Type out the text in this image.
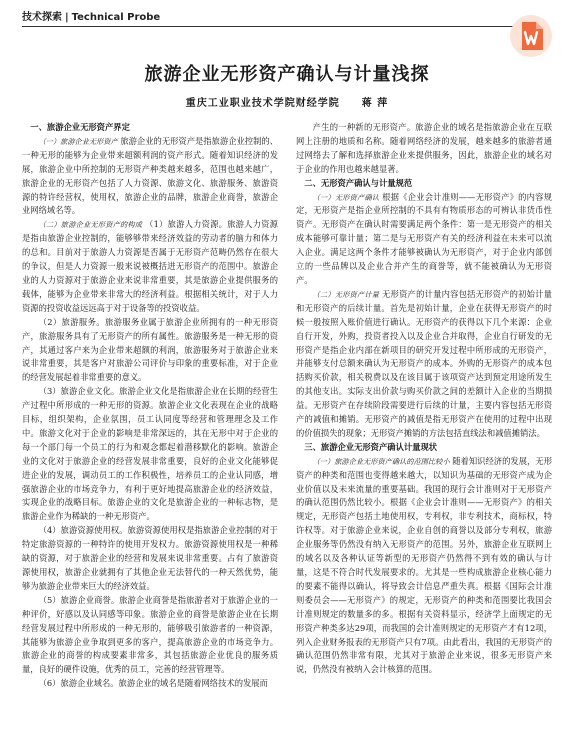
技术探索 | Technical Probe
旅游企业无形资产确认与计量浅探
重庆工业职业技术学院财经学院 蒋 萍

一、旅游企业无形资产界定

（一）旅游企业无形资产 旅游企业的无形资产是指旅游企业控制的、一种无形的能够为企业带来超额利润的资产形式。随着知识经济的发展，旅游企业中所控制的无形资产种类越来越多，范围也越来越广，旅游企业的无形资产包括了人力资源、旅游文化、旅游服务、旅游资源的特许经营权，使用权，旅游企业的品牌，旅游企业商誉，旅游企业网络域名等。

（二）旅游企业无形资产的构成 （1）旅游人力资源。旅游人力资源是指由旅游企业控制的，能够够带来经济效益的劳动者的脑力和体力的总和。目前对于旅游人力资源是否属于无形资产范畴仍然存在很大的争议，但是人力资源一般来说被概括进无形资产的范围中。旅游企业的人力资源对于旅游企业来说非常重要，其是旅游企业提供服务的载体，能够为企业带来非常大的经济利益。根据相关统计，对于人力资源的投资收益远远高于对于设备等的投资收益。

（2）旅游服务。旅游服务业属于旅游企业所拥有的一种无形资产，旅游服务具有了无形资产的所有属性。旅游服务是一种无形的资产，其通过客户来为企业带来超额的利润，旅游服务对于旅游企业来说非常重要，其是客户对旅游公司评价与印象的重要标准，对于企业的经营发展起着非常重要的意义。

（3）旅游企业文化。旅游企业文化是指旅游企业在长期的经营生产过程中所形成的一种无形的资源。旅游企业文化表现在企业的战略目标，组织架构，企业氛围，员工认同度等经营和管理理念及工作中。旅游文化对于企业的影响是非常深远的，其在无形中对于企业的每一个部门每一个员工的行为和观念都起着潜移默化的影响。旅游企业的文化对于旅游企业的经营发展非常重要，良好的企业文化能够促进企业的发展，调动员工的工作积极性，培养员工的企业认同感，增强旅游企业的市场竞争力，有利于更好地提高旅游企业的经济效益，实现企业的战略目标。旅游企业的文化是旅游企业的一种标志物，是旅游企业作为稀缺的一种无形资产。

（4）旅游资源使用权。旅游资源使用权是指旅游企业控制的对于特定旅游资源的一种特许的使用开发权力。旅游资源使用权是一种稀缺的资源，对于旅游企业的经营和发展来说非常重要。占有了旅游资源使用权，旅游企业就拥有了其他企业无法替代的一种天然优势，能够为旅游企业带来巨大的经济效益。

（5）旅游企业商誉。旅游企业商誉是指旅游者对于旅游企业的一种评价，好感以及认同感等印象。旅游企业的商誉是旅游企业在长期经营发展过程中所形成的一种无形的，能够吸引旅游者的一种资源，其能够为旅游企业争取到更多的客户，提高旅游企业的市场竞争力。旅游企业的商誉的构成要素非常多，其包括旅游企业优良的服务质量，良好的硬件设施，优秀的员工，完善的经营管理等。

（6）旅游企业域名。旅游企业的域名是随着网络技术的发展而

产生的一种新的无形资产。旅游企业的域名是指旅游企业在互联网上注册的地质和名称。随着网络经济的发展，越来越多的旅游者通过网络去了解和选择旅游企业来提供服务，因此，旅游企业的域名对于企业的作用也越来越显著。

二、无形资产确认与计量规范

（一）无形资产确认 根据《企业会计准则——无形资产》的内容规定，无形资产是指企业所控制的不具有有物质形态的可辨认非货币性资产。无形资产在确认时需要满足两个条件：第一是无形资产的相关成本能够可靠计量；第二是与无形资产有关的经济利益在未来可以流入企业。满足这两个条件才能够被确认为无形资产，对于企业内部创立的一些品牌以及企业合并产生的商誉等，就不能被确认为无形资产。

（二）无形资产计量 无形资产的计量内容包括无形资产的初始计量和无形资产的后续计量。首先是初始计量，企业在获得无形资产的时候一般按照入账价值进行确认。无形资产的获得以下几个来源：企业自行开发，外购，投资者投入以及企业合并取得，企业自行研发的无形资产是指企业内部在新项目的研究开发过程中所形成的无形资产，并能够支付总额来确认为无形资产的成本。外购的无形资产的成本包括购买价款，相关税费以及在该目属于该项资产达到预定用途所发生的其他支出。实际支出价款与购买价款之间的差额计入企业的当期损益。无形资产在存续阶段需要进行后续的计量，主要内容包括无形资产的减值和摊销。无形资产的减值是指无形资产在使用的过程中出现的价值损失的现象；无形资产摊销的方法包括直线法和减值摊销法。

三、旅游企业无形资产确认计量现状

（一）旅游企业无形资产确认的范围比较小 随着知识经济的发展，无形资产的种类和范围也变得越来越大，以知识为基础的无形资产成为企业价值以及未来流量的重要基础。我国的现行会计准则对于无形资产的确认范围仍然比较小。根据《企业会计准则——无形资产》的相关规定，无形资产包括土地使用权，专利权，非专利技术，商标权，特许权等。对于旅游企业来说，企业自创的商誉以及部分专利权，旅游企业服务等仍然没有纳入无形资产的范围。另外，旅游企业互联网上的域名以及各种认证等新型的无形资产仍然得不到有效的确认与计量，这是不符合时代发展要求的。尤其是一些构成旅游企业核心能力的要素不能得以确认，将导致会计信息严重失真。根据《国际会计准则委员会——无形资产》的规定，无形资产的种类和范围要比我国会计准则规定的数量多的多。根据有关资料显示，经济学上面规定的无形资产种类多达29项，而我国的会计准则规定的无形资产才有12项，列入企业财务报表的无形资产只有7项。由此看出，我国的无形资产的确认范围仍然非常有限，尤其对于旅游企业来说，很多无形资产来说，仍然没有被纳入会计核算的范围。
